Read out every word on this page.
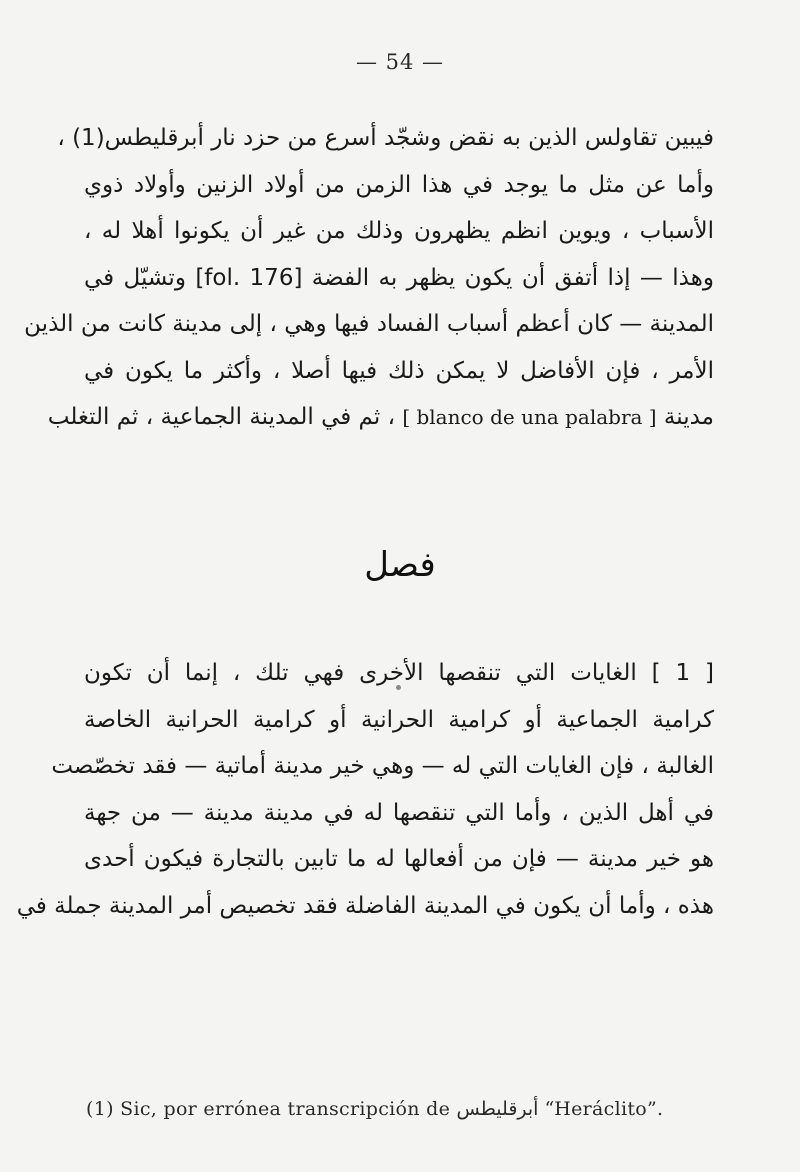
— 54 —
فيبين تقاولس الذين به نقض وشجّد أسرع من حزد نار أبرقليطس(1) ،
وأما عن مثل ما يوجد في هذا الزمن من أولاد الزنين وأولاد ذوي
الأسباب ، ويوين انظم يظهرون وذلك من غير أن يكونوا أهلا له ،
وهذا — إذا أتفق أن يكون يظهر به الفضة [fol. 176] وتشيّل في
المدينة — كان أعظم أسباب الفساد فيها وهي ، إلى مدينة كانت من الذين
الأمر ، فإن الأفاضل لا يمكن ذلك فيها أصلا ، وأكثر ما يكون في
مدينة [ blanco de una palabra ] ، ثم في المدينة الجماعية ، ثم التغلب
فصل
[ 1 ] الغايات التي تنقصها الأخرى فهي تلك ، إنما أن تكون
كرامية الجماعية أو كرامية الحرانية أو كرامية الحرانية الخاصة
الغالبة ، فإن الغايات التي له — وهي خير مدينة أماتية — فقد تخصّصت
في أهل الذين ، وأما التي تنقصها له في مدينة مدينة — من جهة
هو خير مدينة — فإن من أفعالها له ما تابين بالتجارة فيكون أحدى
هذه ، وأما أن يكون في المدينة الفاضلة فقد تخصيص أمر المدينة جملة في
(1) Sic, por errónea transcripción de أبرقليطس “Heráclito”.
